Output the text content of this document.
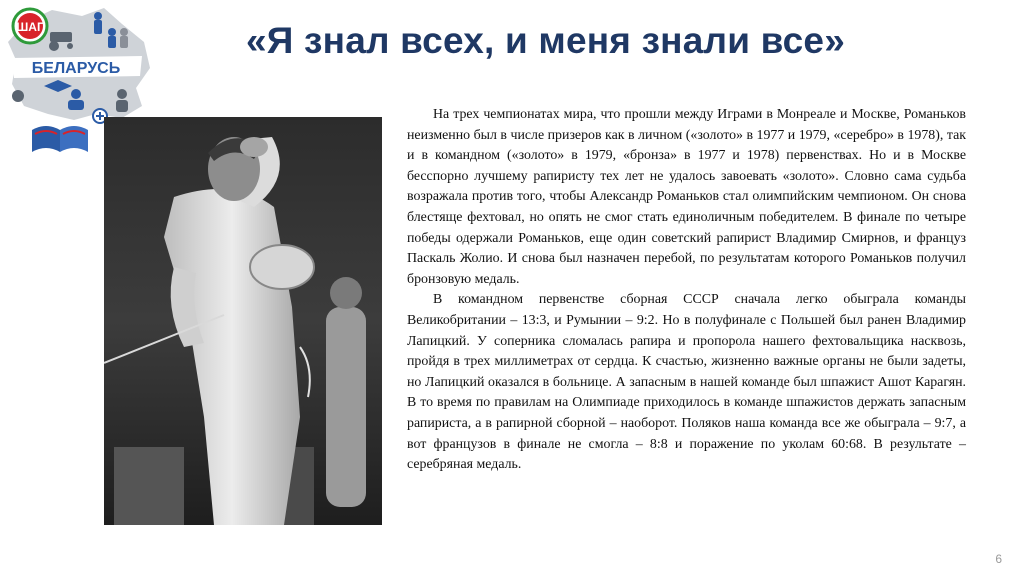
ШАГ
БЕЛАРУСЬ
«Я знал всех, и меня знали все»

На трех чемпионатах мира, что прошли между Играми в Монреале и Москве, Романьков неизменно был в числе призеров как в личном («золото» в 1977 и 1979, «серебро» в 1978), так и в командном («золото» в 1979, «бронза» в 1977 и 1978) первенствах. Но и в Москве бесспорно лучшему рапиристу тех лет не удалось завоевать «золото». Словно сама судьба возражала против того, чтобы Александр Романьков стал олимпийским чемпионом. Он снова блестяще фехтовал, но опять не смог стать единоличным победителем. В финале по четыре победы одержали Романьков, еще один советский рапирист Владимир Смирнов, и француз Паскаль Жолио. И снова был назначен перебой, по результатам которого Романьков получил бронзовую медаль.

В командном первенстве сборная СССР сначала легко обыграла команды Великобритании – 13:3, и Румынии – 9:2. Но в полуфинале с Польшей был ранен Владимир Лапицкий. У соперника сломалась рапира и пропорола нашего фехтовальщика насквозь, пройдя в трех миллиметрах от сердца. К счастью, жизненно важные органы не были задеты, но Лапицкий оказался в больнице. А запасным в нашей команде был шпажист Ашот Карагян. В то время по правилам на Олимпиаде приходилось в команде шпажистов держать запасным рапириста, а в рапирной сборной – наоборот. Поляков наша команда все же обыграла – 9:7, а вот французов в финале не смогла – 8:8 и поражение по уколам 60:68. В результате – серебряная медаль.

6
